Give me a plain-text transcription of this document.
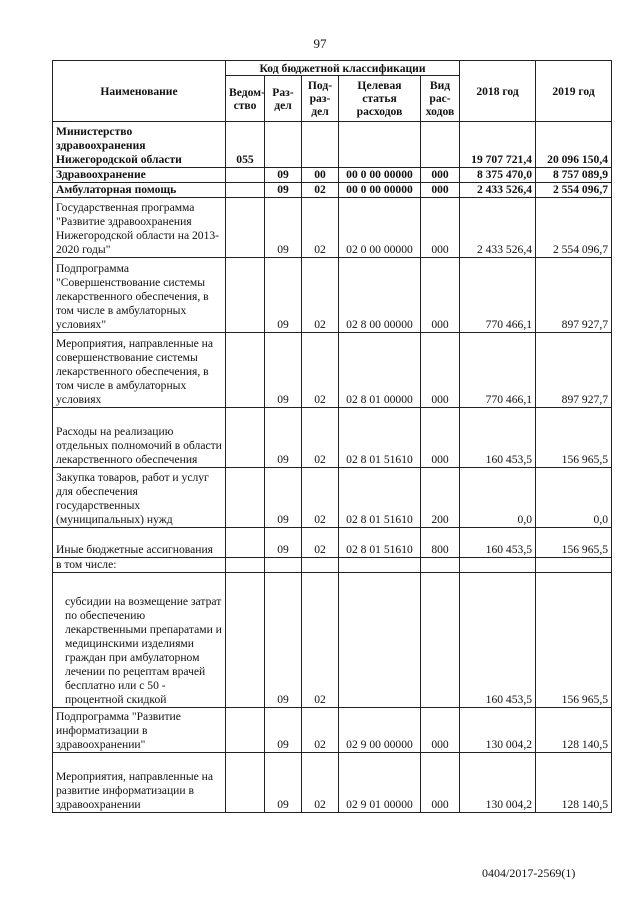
97
Наименование	Код бюджетной классификации					2018 год	2019 год
	Ведом-ство	Раз-дел	Под-раз-дел	Целевая статья расходов	Вид рас-ходов		
Министерство здравоохранения Нижегородской области	055					19 707 721,4	20 096 150,4
Здравоохранение		09	00	00 0 00 00000	000	8 375 470,0	8 757 089,9
Амбулаторная помощь		09	02	00 0 00 00000	000	2 433 526,4	2 554 096,7
Государственная программа "Развитие здравоохранения Нижегородской области на 2013-2020 годы"		09	02	02 0 00 00000	000	2 433 526,4	2 554 096,7
Подпрограмма "Совершенствование системы лекарственного обеспечения, в том числе в амбулаторных условиях"		09	02	02 8 00 00000	000	770 466,1	897 927,7
Мероприятия, направленные на совершенствование системы лекарственного обеспечения, в том числе в амбулаторных условиях		09	02	02 8 01 00000	000	770 466,1	897 927,7
Расходы на реализацию отдельных полномочий в области лекарственного обеспечения		09	02	02 8 01 51610	000	160 453,5	156 965,5
Закупка товаров, работ и услуг для обеспечения государственных (муниципальных) нужд		09	02	02 8 01 51610	200	0,0	0,0
Иные бюджетные ассигнования		09	02	02 8 01 51610	800	160 453,5	156 965,5
в том числе:							
субсидии на возмещение затрат по обеспечению лекарственными препаратами и медицинскими изделиями граждан при амбулаторном лечении по рецептам врачей бесплатно или с 50 - процентной скидкой		09	02			160 453,5	156 965,5
Подпрограмма "Развитие информатизации в здравоохранении"		09	02	02 9 00 00000	000	130 004,2	128 140,5
Мероприятия, направленные на развитие информатизации в здравоохранении		09	02	02 9 01 00000	000	130 004,2	128 140,5
0404/2017-2569(1)
